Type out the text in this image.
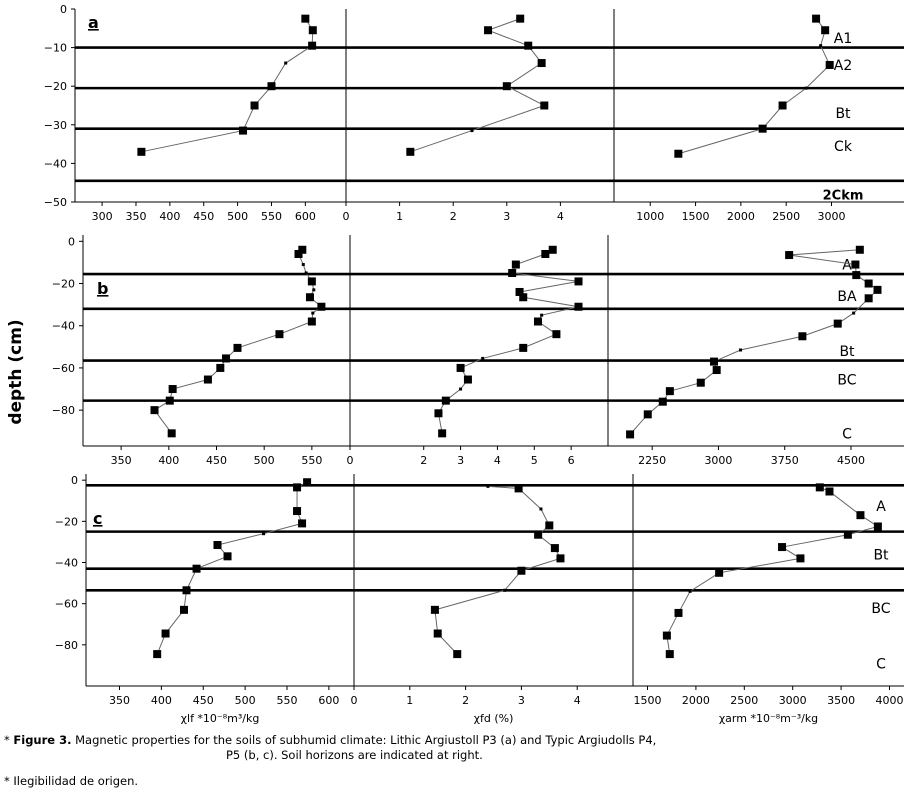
depth (cm)
0
−10
−20
−30
−40
−50
A1
A2
Bt
Ck
2Ckm
a
300 350 400 450 500 550 600 0	1	2	3	4	1000 1500 2000 2500 3000
0
−20
−40
−60
−80
A
BA
Bt
BC
C
b
350 400 450 500 550 0	2	3	4	5	6	2250	3000	3750	4500
0
−20
−40
−60
−80
A
Bt
BC
C
c
350 400 450 500 550 600
χlf *10⁻⁸m³/kg
0	1	2	3	4
χfd (%)
1500 2000 2500 3000 3500 4000
χarm *10⁻⁸m⁻³/kg
* Figure 3. Magnetic properties for the soils of subhumid climate: Lithic Argiustoll P3 (a) and Typic Argiudolls P4,
P5 (b, c). Soil horizons are indicated at right.
* Ilegibilidad de origen.
